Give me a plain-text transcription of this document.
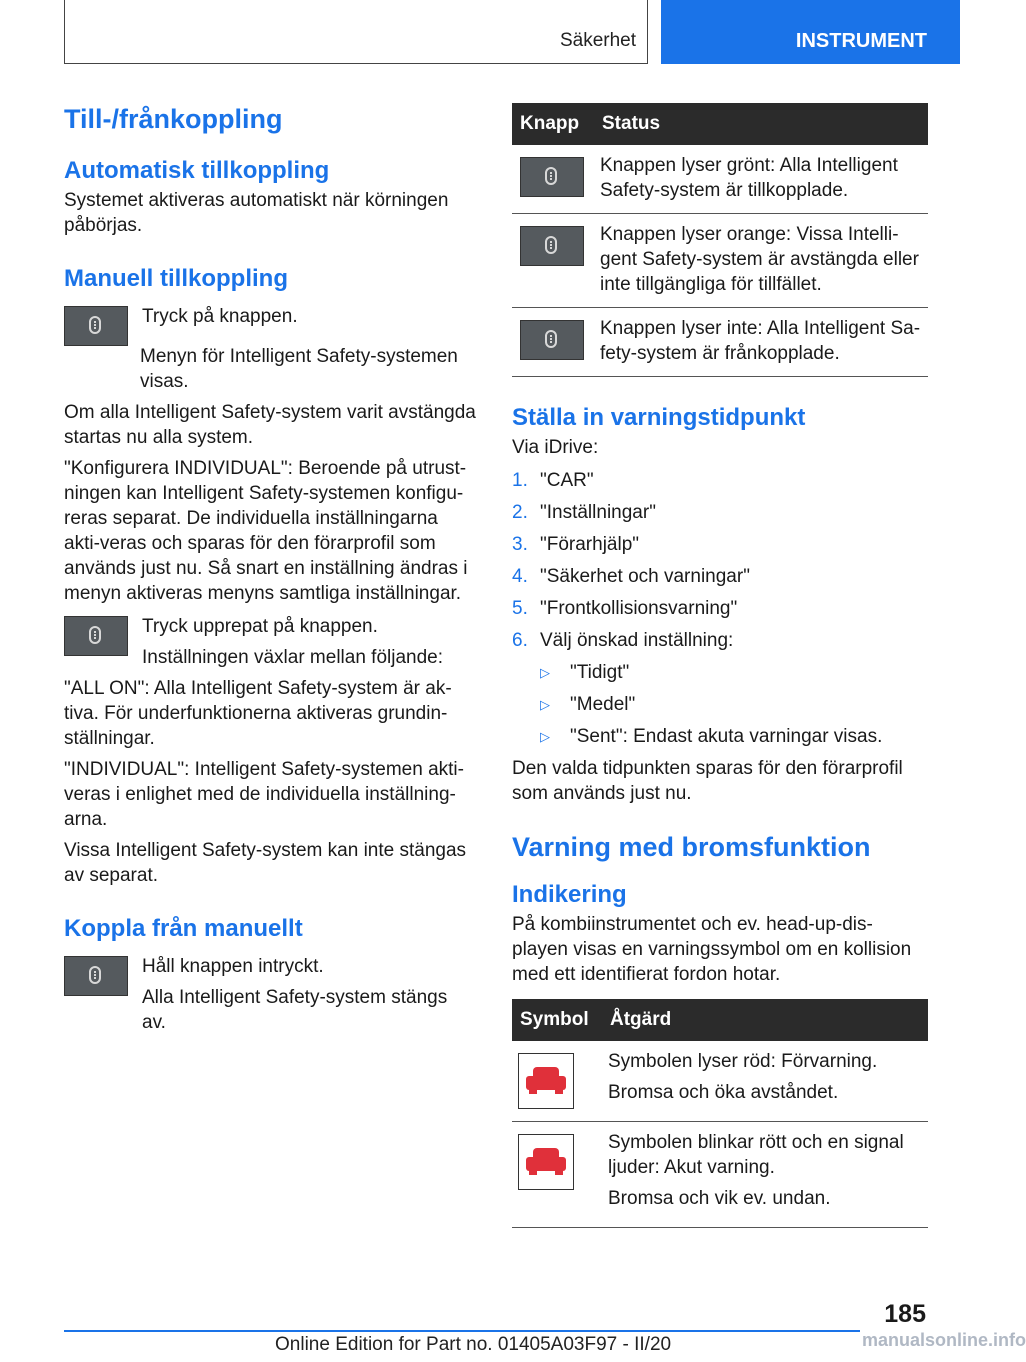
Säkerhet	INSTRUMENT
Till-/frånkoppling
Automatisk tillkoppling

Systemet aktiveras automatiskt när körningen påbörjas.

Manuell tillkoppling

Tryck på knappen.

Menyn för Intelligent Safety-systemen visas.

Om alla Intelligent Safety-system varit avstängda startas nu alla system.

"Konfigurera INDIVIDUAL": Beroende på utrust-ningen kan Intelligent Safety-systemen konfigu-reras separat. De individuella inställningarna akti-veras och sparas för den förarprofil som används just nu. Så snart en inställning ändras i menyn aktiveras menyns samtliga inställningar.

Tryck upprepat på knappen.

Inställningen växlar mellan följande:

"ALL ON": Alla Intelligent Safety-system är ak-tiva. För underfunktionerna aktiveras grundin-ställningar.

"INDIVIDUAL": Intelligent Safety-systemen akti-veras i enlighet med de individuella inställning-arna.

Vissa Intelligent Safety-system kan inte stängas av separat.

Koppla från manuellt

Håll knappen intryckt.

Alla Intelligent Safety-system stängs av.

Knapp	Status

	Knappen lyser grönt: Alla Intelligent Safety-system är tillkopplade.

	Knappen lyser orange: Vissa Intelli-gent Safety-system är avstängda eller inte tillgängliga för tillfället.

	Knappen lyser inte: Alla Intelligent Sa-fety-system är frånkopplade.
Ställa in varningstidpunkt

Via iDrive:

1. "CAR"
2. "Inställningar"
3. "Förarhjälp"
4. "Säkerhet och varningar"
5. "Frontkollisionsvarning"
6. Välj önskad inställning:
▷	"Tidigt"
▷	"Medel"
▷	"Sent": Endast akuta varningar visas.

Den valda tidpunkten sparas för den förarprofil som används just nu.

Varning med bromsfunktion
Indikering

På kombiinstrumentet och ev. head-up-dis-playen visas en varningssymbol om en kollision med ett identifierat fordon hotar.

Symbol	Åtgärd

	Symbolen lyser röd: Förvarning.

Bromsa och öka avståndet.

	Symbolen blinkar rött och en signal ljuder: Akut varning.

Bromsa och vik ev. undan.

185
Online Edition for Part no. 01405A03F97 - II/20	manualsonline.info
